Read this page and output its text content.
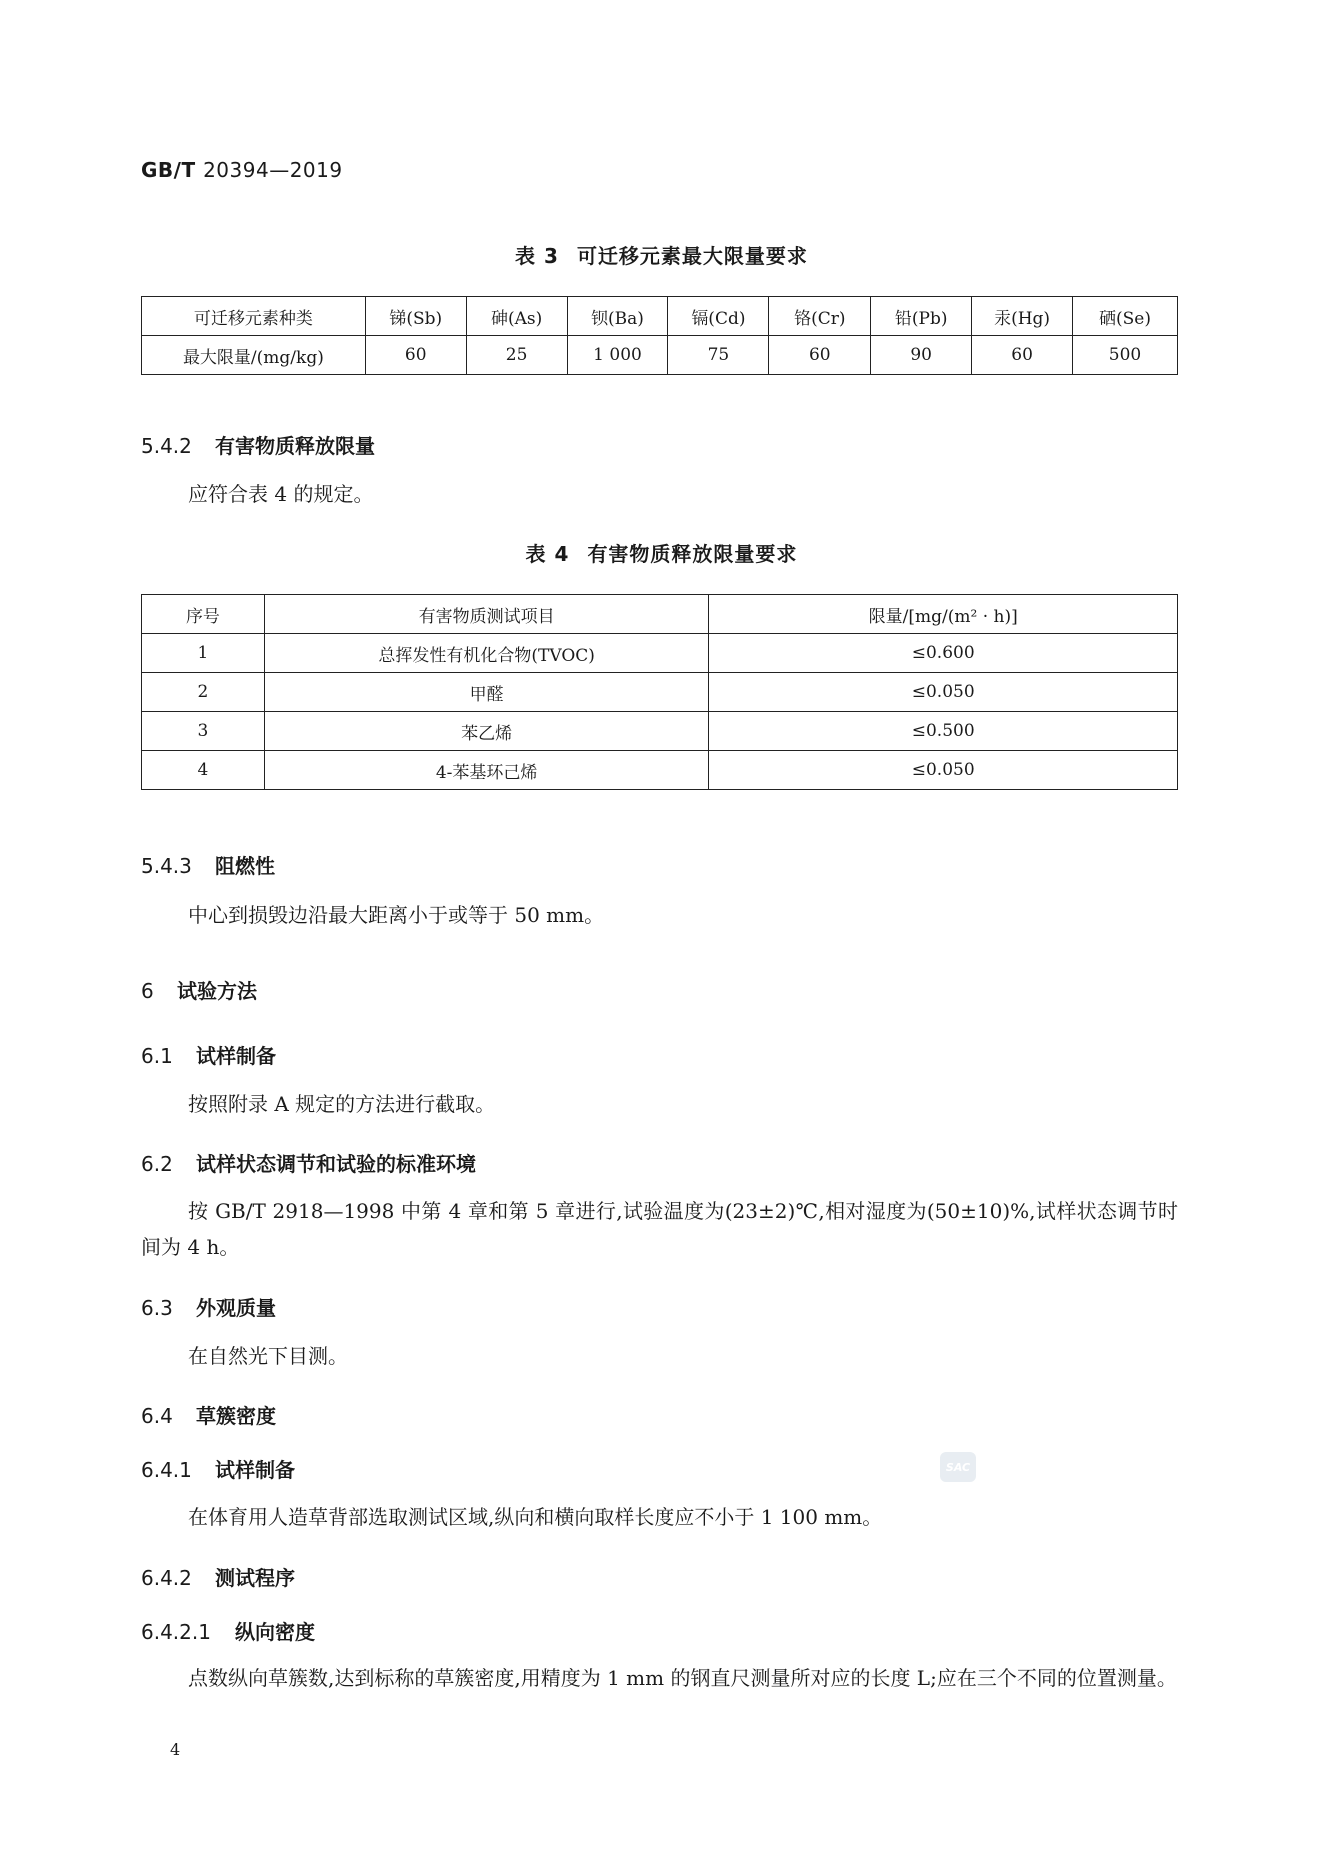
GB/T 20394—2019
表 3 可迁移元素最大限量要求
可迁移元素种类	锑(Sb)	砷(As)	钡(Ba)	镉(Cd)	铬(Cr)	铅(Pb)	汞(Hg)	硒(Se)
最大限量/(mg/kg)	60	25	1 000	75	60	90	60	500
5.4.2 有害物质释放限量
应符合表 4 的规定。
表 4 有害物质释放限量要求
序号	有害物质测试项目	限量/[mg/(m² · h)]
1	总挥发性有机化合物(TVOC)	≤0.600
2	甲醛	≤0.050
3	苯乙烯	≤0.500
4	4-苯基环己烯	≤0.050
5.4.3 阻燃性
中心到损毁边沿最大距离小于或等于 50 mm。
6 试验方法
6.1 试样制备
按照附录 A 规定的方法进行截取。
6.2 试样状态调节和试验的标准环境
按 GB/T 2918—1998 中第 4 章和第 5 章进行,试验温度为(23±2)℃,相对湿度为(50±10)%,试样状态调节时间为 4 h。
6.3 外观质量
在自然光下目测。
6.4 草簇密度
6.4.1 试样制备	SAC
在体育用人造草背部选取测试区域,纵向和横向取样长度应不小于 1 100 mm。
6.4.2 测试程序
6.4.2.1 纵向密度
点数纵向草簇数,达到标称的草簇密度,用精度为 1 mm 的钢直尺测量所对应的长度 L;应在三个不同的位置测量。
4
